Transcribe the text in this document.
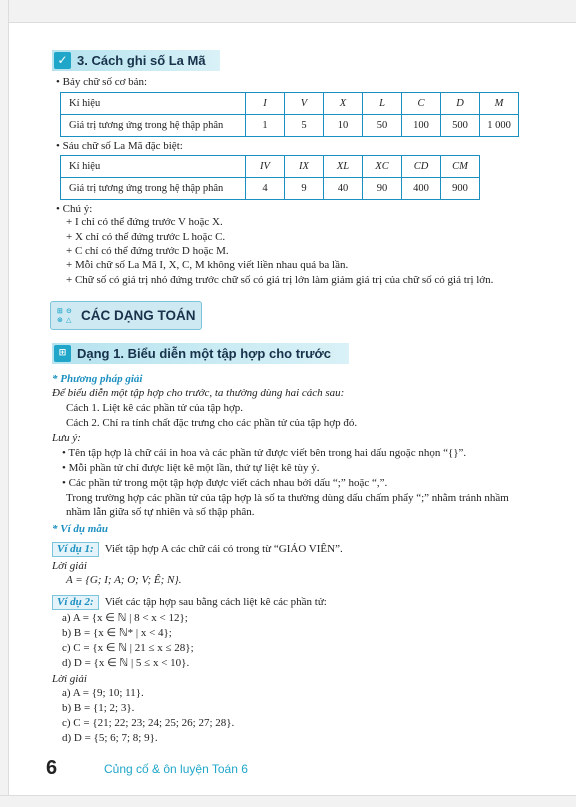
✓ 3. Cách ghi số La Mã
• Bảy chữ số cơ bản:
Kí hiệu	I	V	X	L	C	D	M
Giá trị tương ứng trong hệ thập phân	1	5	10	50	100	500	1 000
• Sáu chữ số La Mã đặc biệt:
Kí hiệu	IV	IX	XL	XC	CD	CM
Giá trị tương ứng trong hệ thập phân	4	9	40	90	400	900
• Chú ý:
+ I chỉ có thể đứng trước V hoặc X.
+ X chỉ có thể đứng trước L hoặc C.
+ C chỉ có thể đứng trước D hoặc M.
+ Mỗi chữ số La Mã I, X, C, M không viết liền nhau quá ba lần.
+ Chữ số có giá trị nhỏ đứng trước chữ số có giá trị lớn làm giảm giá trị của chữ số có giá trị lớn.
⊞ ⊝
⊗ △ CÁC DẠNG TOÁN
⊞ Dạng 1. Biểu diễn một tập hợp cho trước
* Phương pháp giải
Để biểu diễn một tập hợp cho trước, ta thường dùng hai cách sau:
Cách 1. Liệt kê các phần tử của tập hợp.
Cách 2. Chỉ ra tính chất đặc trưng cho các phần tử của tập hợp đó.
Lưu ý:
• Tên tập hợp là chữ cái in hoa và các phần tử được viết bên trong hai dấu ngoặc nhọn “{}”.
• Mỗi phần tử chỉ được liệt kê một lần, thứ tự liệt kê tùy ý.
• Các phần tử trong một tập hợp được viết cách nhau bởi dấu “;” hoặc “,”.
Trong trường hợp các phần tử của tập hợp là số ta thường dùng dấu chấm phẩy “;” nhằm tránh nhầm
nhầm lẫn giữa số tự nhiên và số thập phân.
* Ví dụ mẫu
Ví dụ 1: Viết tập hợp A các chữ cái có trong từ “GIÁO VIÊN”.
Lời giải
A = {G; I; A; O; V; Ê; N}.
Ví dụ 2: Viết các tập hợp sau bằng cách liệt kê các phần tử:
a) A = {x ∈ ℕ | 8 < x < 12};
b) B = {x ∈ ℕ* | x < 4};
c) C = {x ∈ ℕ | 21 ≤ x ≤ 28};
d) D = {x ∈ ℕ | 5 ≤ x < 10}.
Lời giải
a) A = {9; 10; 11}.
b) B = {1; 2; 3}.
c) C = {21; 22; 23; 24; 25; 26; 27; 28}.
d) D = {5; 6; 7; 8; 9}.
6	Củng cố & ôn luyện Toán 6
